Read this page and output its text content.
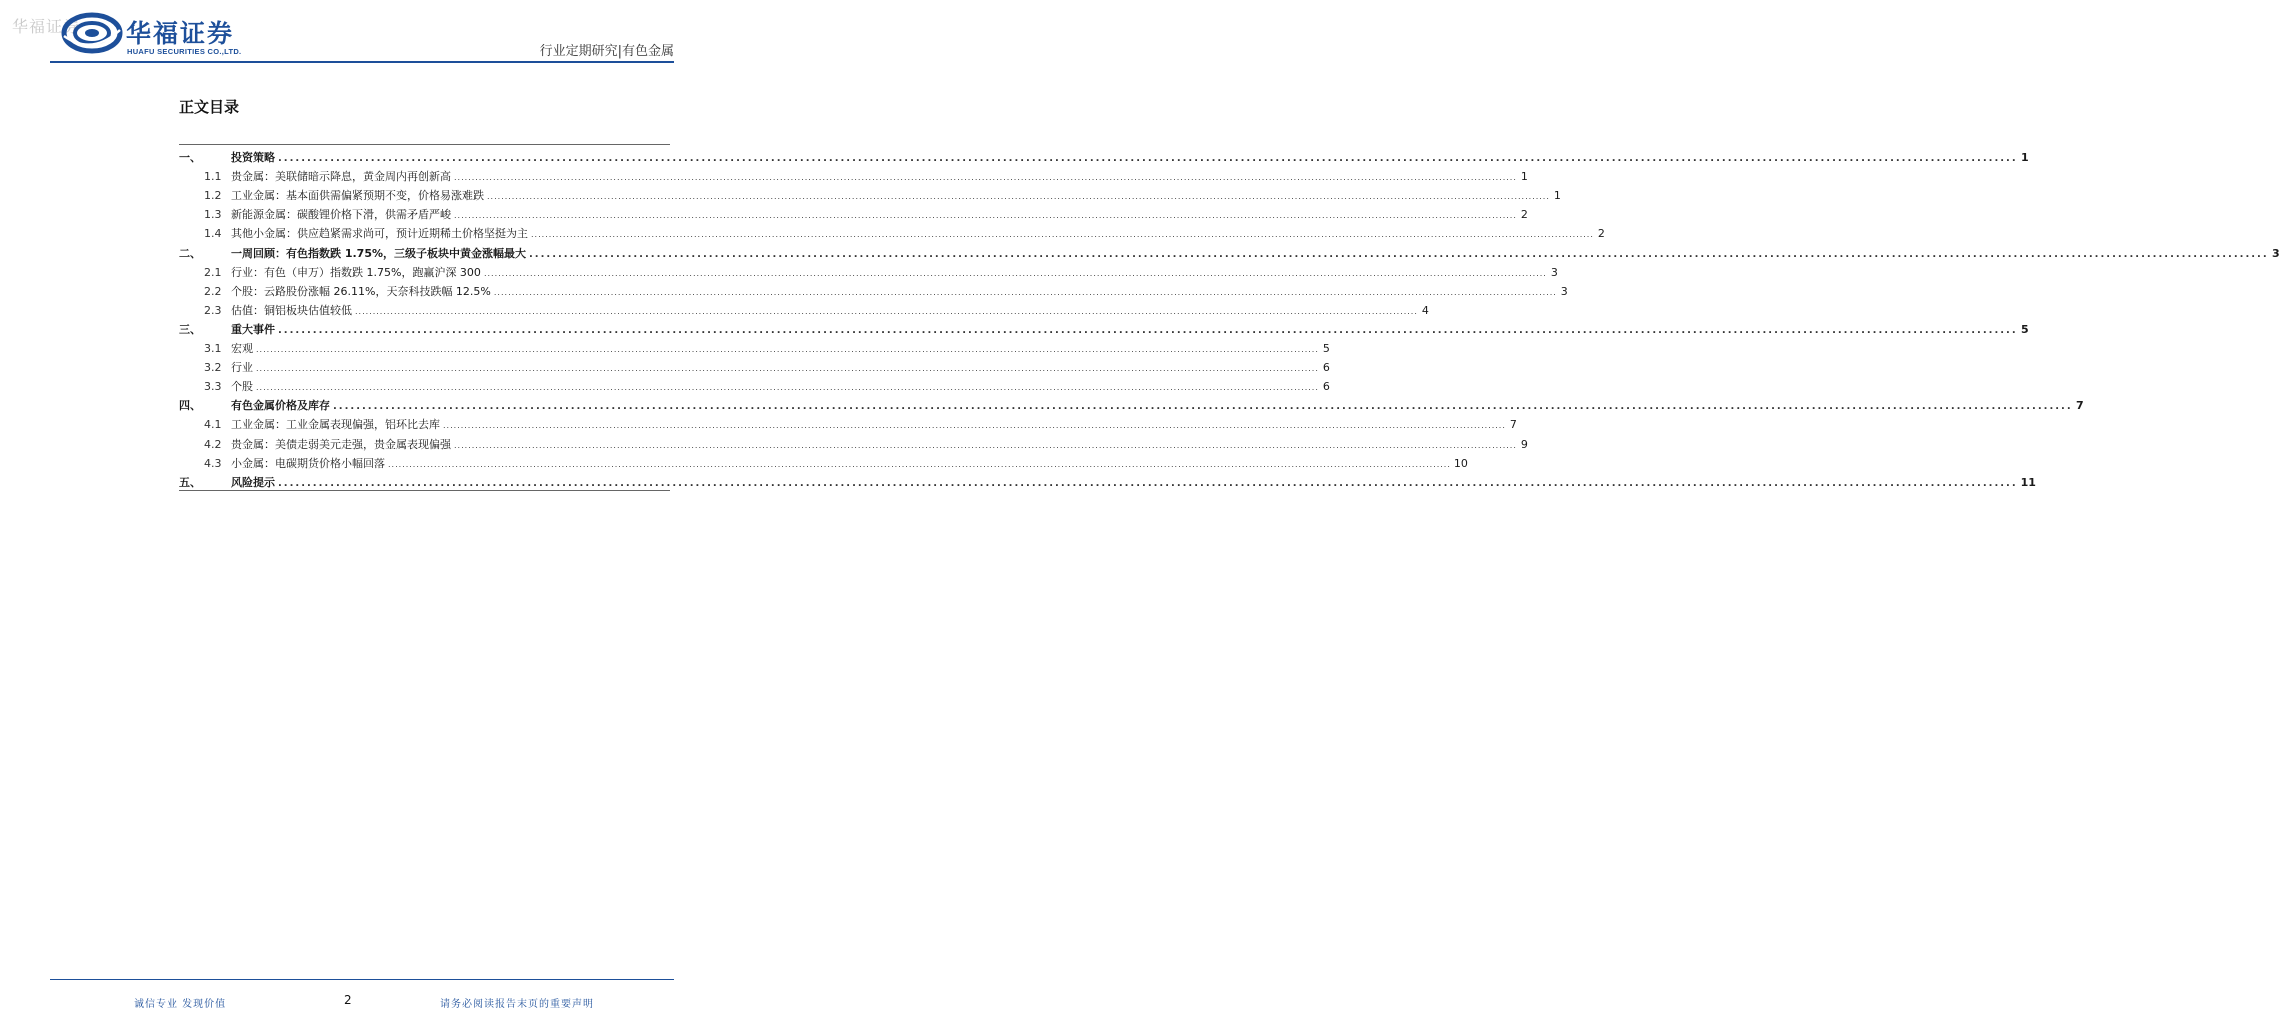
华福证券 华福证券
HUAFU SECURITIES CO.,LTD.	行业定期研究|有色金属
正文目录
一、	投资策略 ............................................................................................................................................................................................................................................................................................................ 1
1.1 贵金属：美联储暗示降息，黄金周内再创新高 ............................................................................................................................................................................................................................................................................................................ 1
1.2 工业金属：基本面供需偏紧预期不变，价格易涨难跌 ............................................................................................................................................................................................................................................................................................................ 1
1.3 新能源金属：碳酸锂价格下滑，供需矛盾严峻 ............................................................................................................................................................................................................................................................................................................ 2
1.4 其他小金属：供应趋紧需求尚可，预计近期稀土价格坚挺为主 ............................................................................................................................................................................................................................................................................................................ 2
二、	一周回顾：有色指数跌 1.75%，三级子板块中黄金涨幅最大 ............................................................................................................................................................................................................................................................................................................ 3
2.1 行业：有色（申万）指数跌 1.75%，跑赢沪深 300 ............................................................................................................................................................................................................................................................................................................ 3
2.2 个股：云路股份涨幅 26.11%，天奈科技跌幅 12.5% ............................................................................................................................................................................................................................................................................................................ 3
2.3 估值：铜铝板块估值较低 ............................................................................................................................................................................................................................................................................................................ 4
三、	重大事件 ............................................................................................................................................................................................................................................................................................................ 5
3.1 宏观 ............................................................................................................................................................................................................................................................................................................ 5
3.2 行业 ............................................................................................................................................................................................................................................................................................................ 6
3.3 个股 ............................................................................................................................................................................................................................................................................................................ 6
四、	有色金属价格及库存 ............................................................................................................................................................................................................................................................................................................ 7
4.1 工业金属：工业金属表现偏强，铝环比去库 ............................................................................................................................................................................................................................................................................................................ 7
4.2 贵金属：美债走弱美元走强，贵金属表现偏强 ............................................................................................................................................................................................................................................................................................................ 9
4.3 小金属：电碳期货价格小幅回落 ............................................................................................................................................................................................................................................................................................................ 10
五、	风险提示 ............................................................................................................................................................................................................................................................................................................ 11
诚信专业 发现价值	2	请务必阅读报告末页的重要声明
